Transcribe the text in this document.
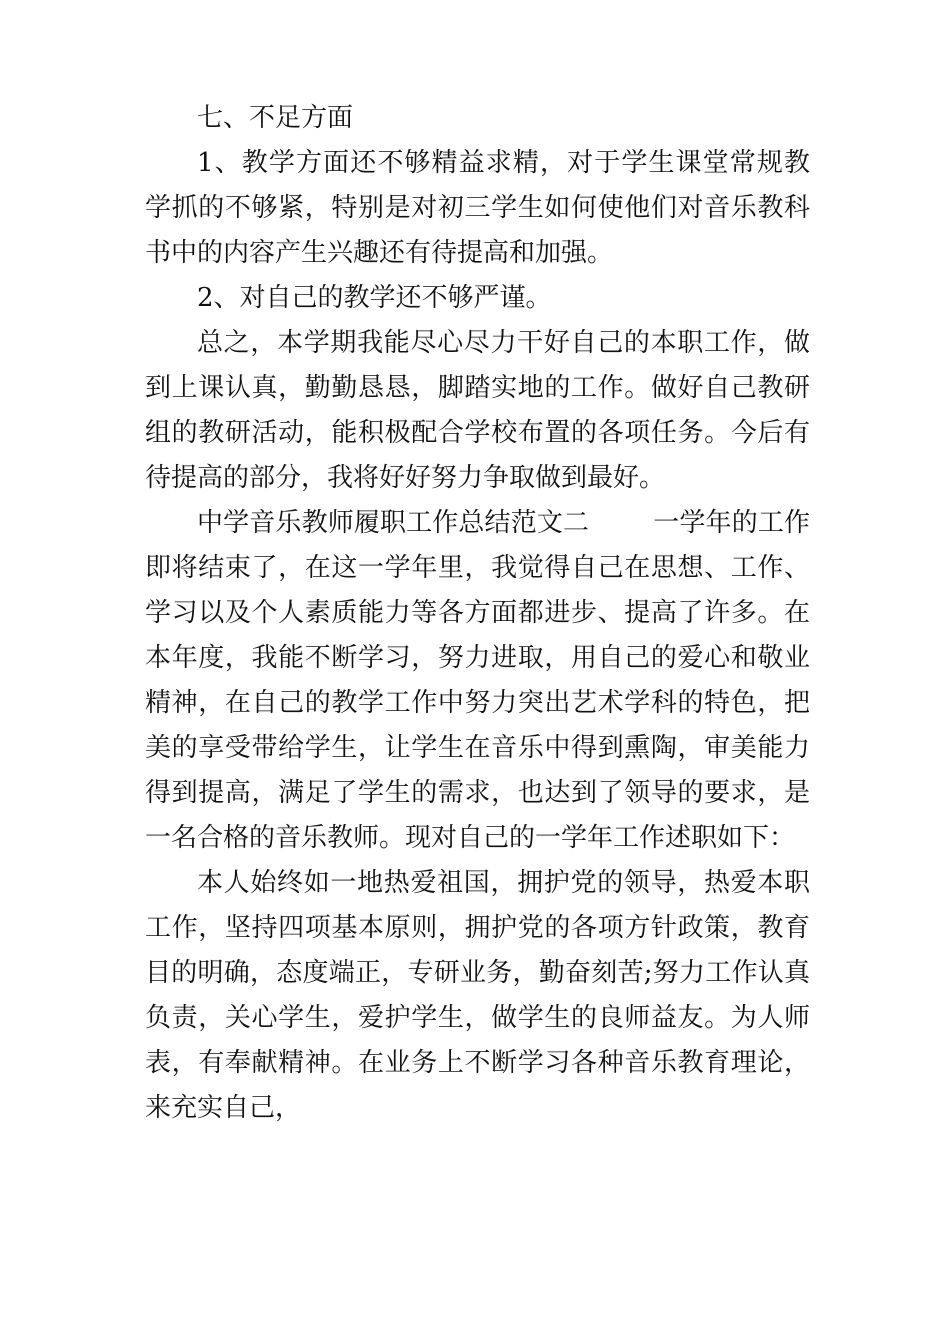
七、不足方面

1、教学方面还不够精益求精，对于学生课堂常规教学抓的不够紧，特别是对初三学生如何使他们对音乐教科书中的内容产生兴趣还有待提高和加强。

2、对自己的教学还不够严谨。

总之，本学期我能尽心尽力干好自己的本职工作，做到上课认真，勤勤恳恳，脚踏实地的工作。做好自己教研组的教研活动，能积极配合学校布置的各项任务。今后有待提高的部分，我将好好努力争取做到最好。

中学音乐教师履职工作总结范文二 一学年的工作即将结束了，在这一学年里，我觉得自己在思想、工作、学习以及个人素质能力等各方面都进步、提高了许多。在本年度，我能不断学习，努力进取，用自己的爱心和敬业精神，在自己的教学工作中努力突出艺术学科的特色，把美的享受带给学生，让学生在音乐中得到熏陶，审美能力得到提高，满足了学生的需求，也达到了领导的要求，是一名合格的音乐教师。现对自己的一学年工作述职如下：

本人始终如一地热爱祖国，拥护党的领导，热爱本职工作，坚持四项基本原则，拥护党的各项方针政策，教育目的明确，态度端正，专研业务，勤奋刻苦;努力工作认真负责，关心学生，爱护学生，做学生的良师益友。为人师表，有奉献精神。在业务上不断学习各种音乐教育理论，来充实自己，
